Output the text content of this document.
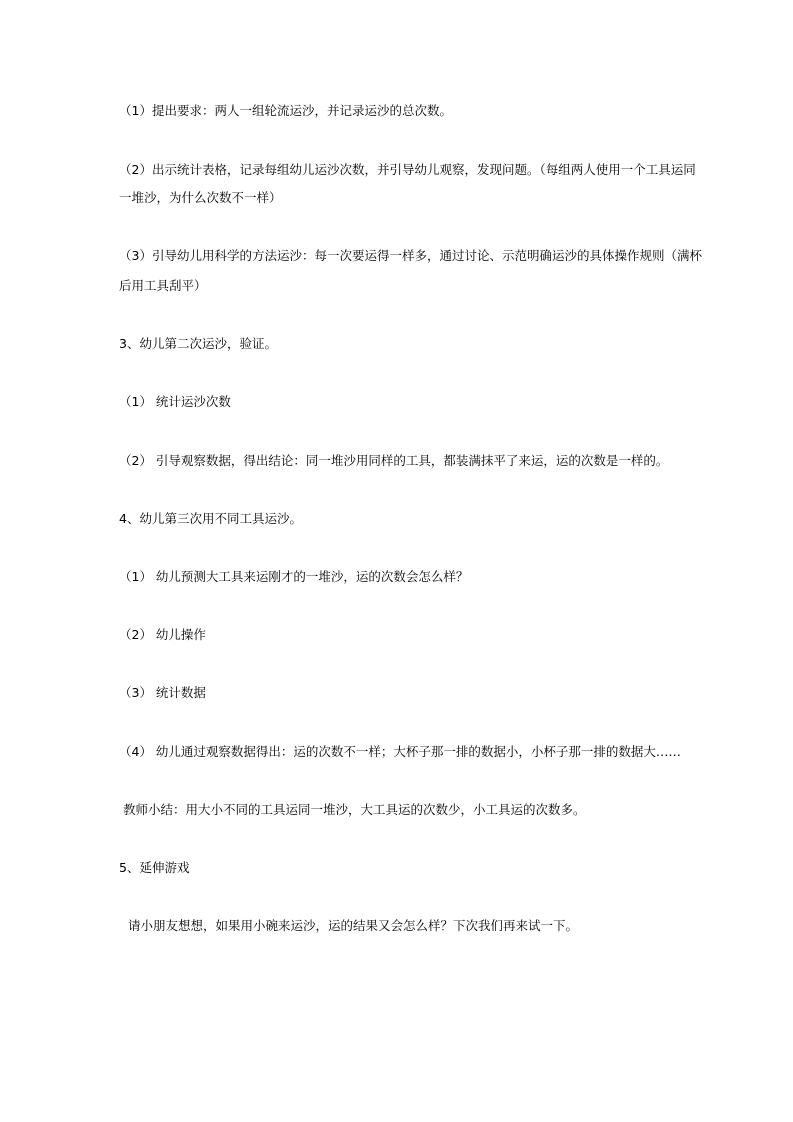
（1）提出要求：两人一组轮流运沙，并记录运沙的总次数。
（2）出示统计表格，记录每组幼儿运沙次数，并引导幼儿观察，发现问题。（每组两人使用一个工具运同
一堆沙，为什么次数不一样）
（3）引导幼儿用科学的方法运沙：每一次要运得一样多，通过讨论、示范明确运沙的具体操作规则（满杯
后用工具刮平）
3、幼儿第二次运沙，验证。
（1） 统计运沙次数
（2） 引导观察数据，得出结论：同一堆沙用同样的工具，都装满抹平了来运，运的次数是一样的。
4、幼儿第三次用不同工具运沙。
（1） 幼儿预测大工具来运刚才的一堆沙，运的次数会怎么样？
（2） 幼儿操作
（3） 统计数据
（4） 幼儿通过观察数据得出：运的次数不一样；大杯子那一排的数据小，小杯子那一排的数据大……
教师小结：用大小不同的工具运同一堆沙，大工具运的次数少，小工具运的次数多。
5、延伸游戏
请小朋友想想，如果用小碗来运沙，运的结果又会怎么样？下次我们再来试一下。
